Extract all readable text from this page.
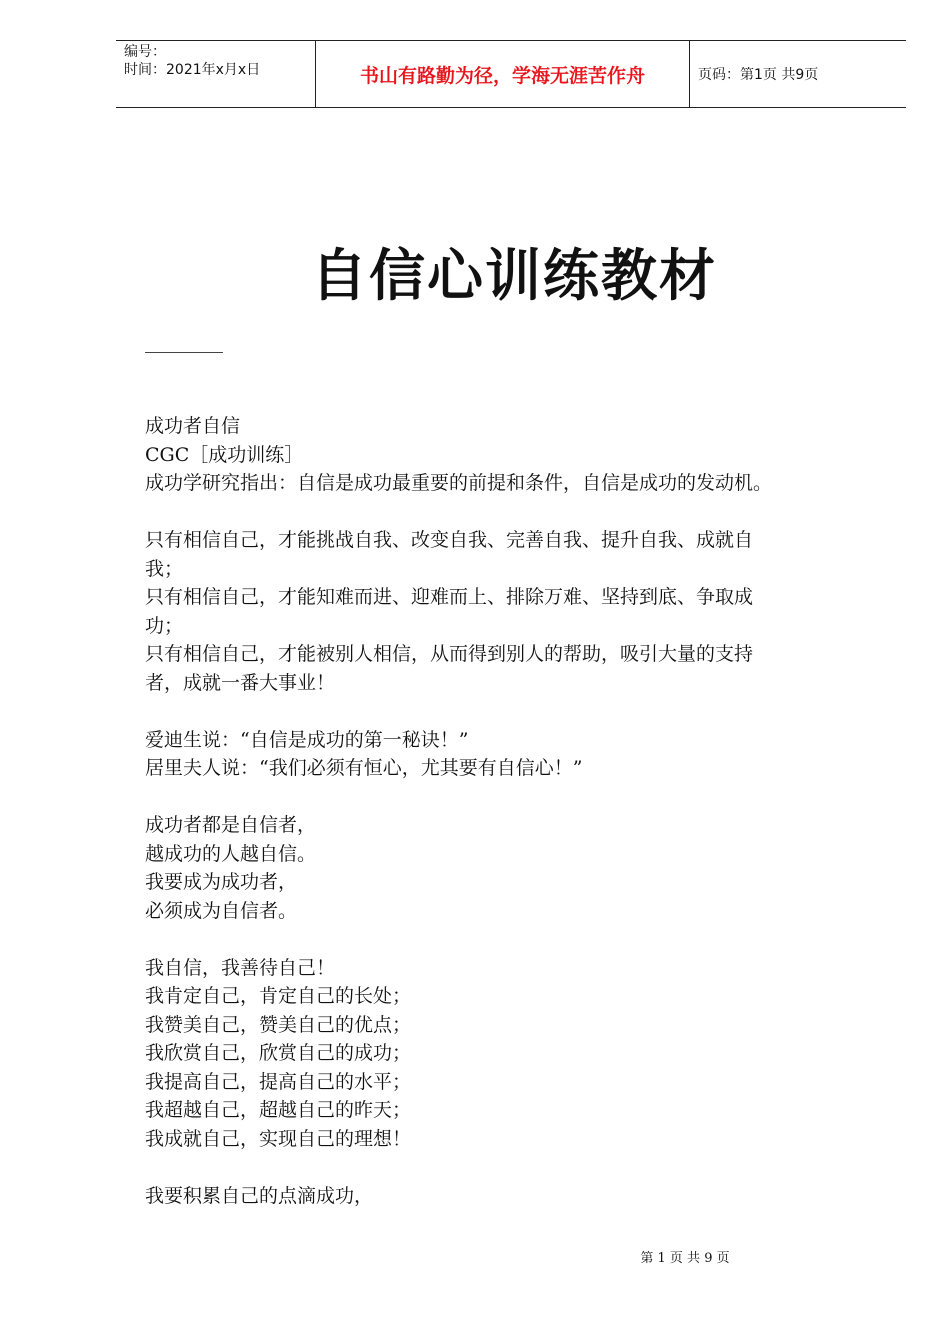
编号：
时间：2021年x月x日	书山有路勤为径，学海无涯苦作舟	页码：第1页 共9页
自信心训练教材
成功者自信
CGC［成功训练］
成功学研究指出：自信是成功最重要的前提和条件，自信是成功的发动机。
只有相信自己，才能挑战自我、改变自我、完善自我、提升自我、成就自
我；
只有相信自己，才能知难而进、迎难而上、排除万难、坚持到底、争取成
功；
只有相信自己，才能被别人相信，从而得到别人的帮助，吸引大量的支持
者，成就一番大事业！
爱迪生说：“自信是成功的第一秘诀！”
居里夫人说：“我们必须有恒心，尤其要有自信心！”
成功者都是自信者，
越成功的人越自信。
我要成为成功者，
必须成为自信者。
我自信，我善待自己！
我肯定自己，肯定自己的长处；
我赞美自己，赞美自己的优点；
我欣赏自己，欣赏自己的成功；
我提高自己，提高自己的水平；
我超越自己，超越自己的昨天；
我成就自己，实现自己的理想！
我要积累自己的点滴成功，
第 1 页 共 9 页
